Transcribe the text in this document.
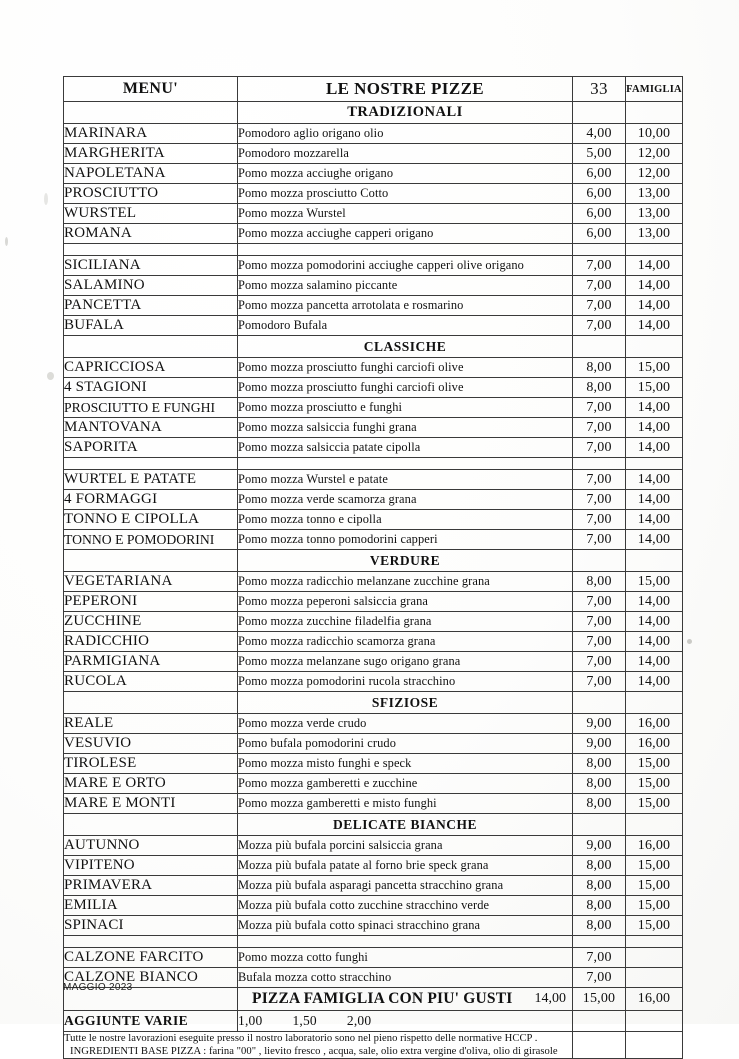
MENU'	LE NOSTRE PIZZE	33	FAMIGLIA
	TRADIZIONALI		
MARINARA	Pomodoro aglio origano olio	4,00	10,00
MARGHERITA	Pomodoro mozzarella	5,00	12,00
NAPOLETANA	Pomo mozza acciughe origano	6,00	12,00
PROSCIUTTO	Pomo mozza prosciutto Cotto	6,00	13,00
WURSTEL	Pomo mozza Wurstel	6,00	13,00
ROMANA	Pomo mozza acciughe capperi origano	6,00	13,00

SICILIANA	Pomo mozza pomodorini acciughe capperi olive origano	7,00	14,00
SALAMINO	Pomo mozza salamino piccante	7,00	14,00
PANCETTA	Pomo mozza pancetta arrotolata e rosmarino	7,00	14,00
BUFALA	Pomodoro Bufala	7,00	14,00
	CLASSICHE		
CAPRICCIOSA	Pomo mozza prosciutto funghi carciofi olive	8,00	15,00
4 STAGIONI	Pomo mozza prosciutto funghi carciofi olive	8,00	15,00
PROSCIUTTO E FUNGHI	Pomo mozza prosciutto e funghi	7,00	14,00
MANTOVANA	Pomo mozza salsiccia funghi grana	7,00	14,00
SAPORITA	Pomo mozza salsiccia patate cipolla	7,00	14,00

WURTEL E PATATE	Pomo mozza Wurstel e patate	7,00	14,00
4 FORMAGGI	Pomo mozza verde scamorza grana	7,00	14,00
TONNO E CIPOLLA	Pomo mozza tonno e cipolla	7,00	14,00
TONNO E POMODORINI	Pomo mozza tonno pomodorini capperi	7,00	14,00
	VERDURE		
VEGETARIANA	Pomo mozza radicchio melanzane zucchine grana	8,00	15,00
PEPERONI	Pomo mozza peperoni salsiccia grana	7,00	14,00
ZUCCHINE	Pomo mozza zucchine filadelfia grana	7,00	14,00
RADICCHIO	Pomo mozza radicchio scamorza grana	7,00	14,00
PARMIGIANA	Pomo mozza melanzane sugo origano grana	7,00	14,00
RUCOLA	Pomo mozza pomodorini rucola stracchino	7,00	14,00
	SFIZIOSE		
REALE	Pomo mozza verde crudo	9,00	16,00
VESUVIO	Pomo bufala pomodorini crudo	9,00	16,00
TIROLESE	Pomo mozza misto funghi e speck	8,00	15,00
MARE E ORTO	Pomo mozza gamberetti e zucchine	8,00	15,00
MARE E MONTI	Pomo mozza gamberetti e misto funghi	8,00	15,00
	DELICATE BIANCHE		
AUTUNNO	Mozza più bufala porcini salsiccia grana	9,00	16,00
VIPITENO	Mozza più bufala patate al forno brie speck grana	8,00	15,00
PRIMAVERA	Mozza più bufala asparagi pancetta stracchino grana	8,00	15,00
EMILIA	Mozza più bufala cotto zucchine stracchino verde	8,00	15,00
SPINACI	Mozza più bufala cotto spinaci stracchino grana	8,00	15,00

CALZONE FARCITO	Pomo mozza cotto funghi	7,00	
CALZONE BIANCO	Bufala mozza cotto stracchino	7,00	

	PIZZA FAMIGLIA CON PIU' GUSTI 14,00	15,00	16,00
AGGIUNTE VARIE	1,00 1,50 2,00		

Tutte le nostre lavorazioni eseguite presso il nostro laboratorio sono nel pieno rispetto delle normative HCCP .
INGREDIENTI BASE PIZZA : farina "00" , lievito fresco , acqua, sale, olio extra vergine d'oliva, olio di girasole			

MAGGIO 2023
